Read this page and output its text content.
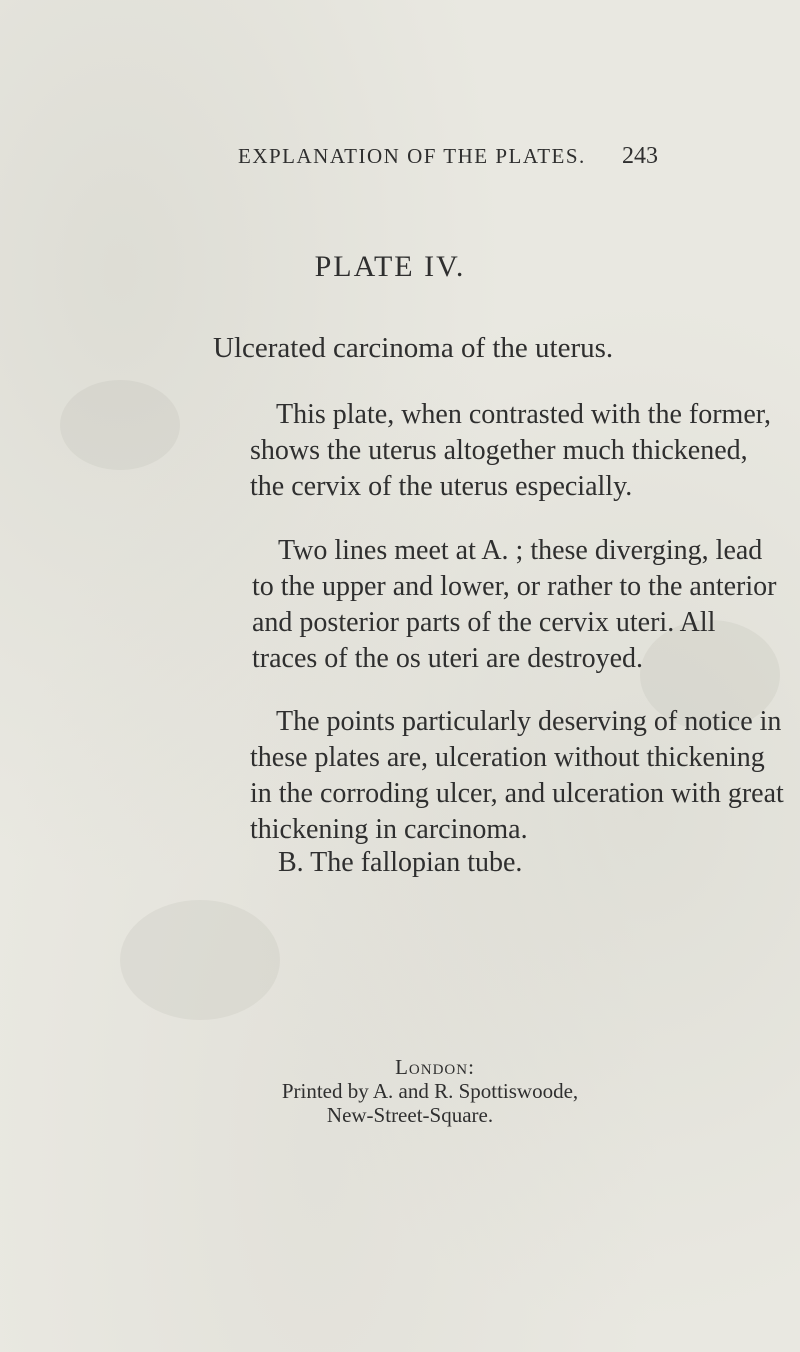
EXPLANATION OF THE PLATES. 243
PLATE IV.
Ulcerated carcinoma of the uterus.

This plate, when contrasted with the former,
shows the uterus altogether much thickened,
the cervix of the uterus especially.

Two lines meet at A. ; these diverging, lead
to the upper and lower, or rather to the anterior
and posterior parts of the cervix uteri. All
traces of the os uteri are destroyed.

The points particularly deserving of notice in
these plates are, ulceration without thickening
in the corroding ulcer, and ulceration with great
thickening in carcinoma.

B. The fallopian tube.
London:
Printed by A. and R. Spottiswoode,
New-Street-Square.
